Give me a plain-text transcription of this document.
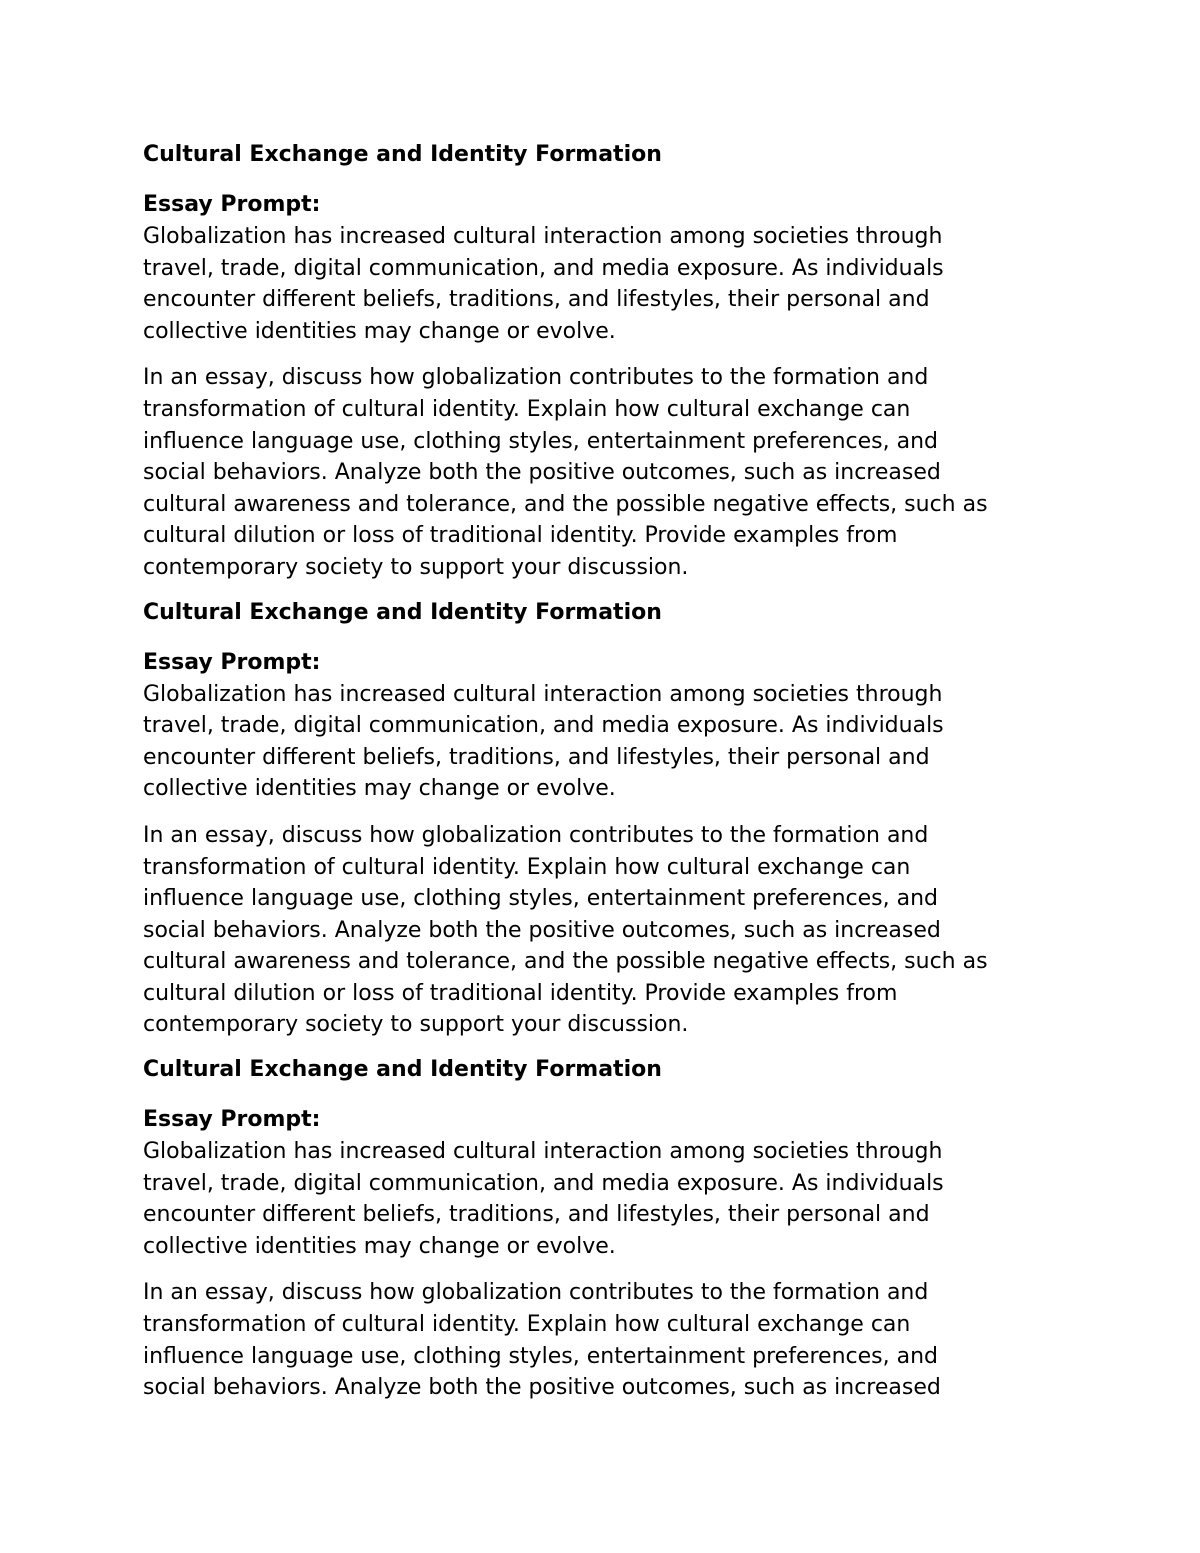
Cultural Exchange and Identity Formation

Essay Prompt:

Globalization has increased cultural interaction among societies through
travel, trade, digital communication, and media exposure. As individuals
encounter different beliefs, traditions, and lifestyles, their personal and
collective identities may change or evolve.

In an essay, discuss how globalization contributes to the formation and
transformation of cultural identity. Explain how cultural exchange can
influence language use, clothing styles, entertainment preferences, and
social behaviors. Analyze both the positive outcomes, such as increased
cultural awareness and tolerance, and the possible negative effects, such as
cultural dilution or loss of traditional identity. Provide examples from
contemporary society to support your discussion.

Cultural Exchange and Identity Formation

Essay Prompt:

Globalization has increased cultural interaction among societies through
travel, trade, digital communication, and media exposure. As individuals
encounter different beliefs, traditions, and lifestyles, their personal and
collective identities may change or evolve.

In an essay, discuss how globalization contributes to the formation and
transformation of cultural identity. Explain how cultural exchange can
influence language use, clothing styles, entertainment preferences, and
social behaviors. Analyze both the positive outcomes, such as increased
cultural awareness and tolerance, and the possible negative effects, such as
cultural dilution or loss of traditional identity. Provide examples from
contemporary society to support your discussion.

Cultural Exchange and Identity Formation

Essay Prompt:

Globalization has increased cultural interaction among societies through
travel, trade, digital communication, and media exposure. As individuals
encounter different beliefs, traditions, and lifestyles, their personal and
collective identities may change or evolve.

In an essay, discuss how globalization contributes to the formation and
transformation of cultural identity. Explain how cultural exchange can
influence language use, clothing styles, entertainment preferences, and
social behaviors. Analyze both the positive outcomes, such as increased
